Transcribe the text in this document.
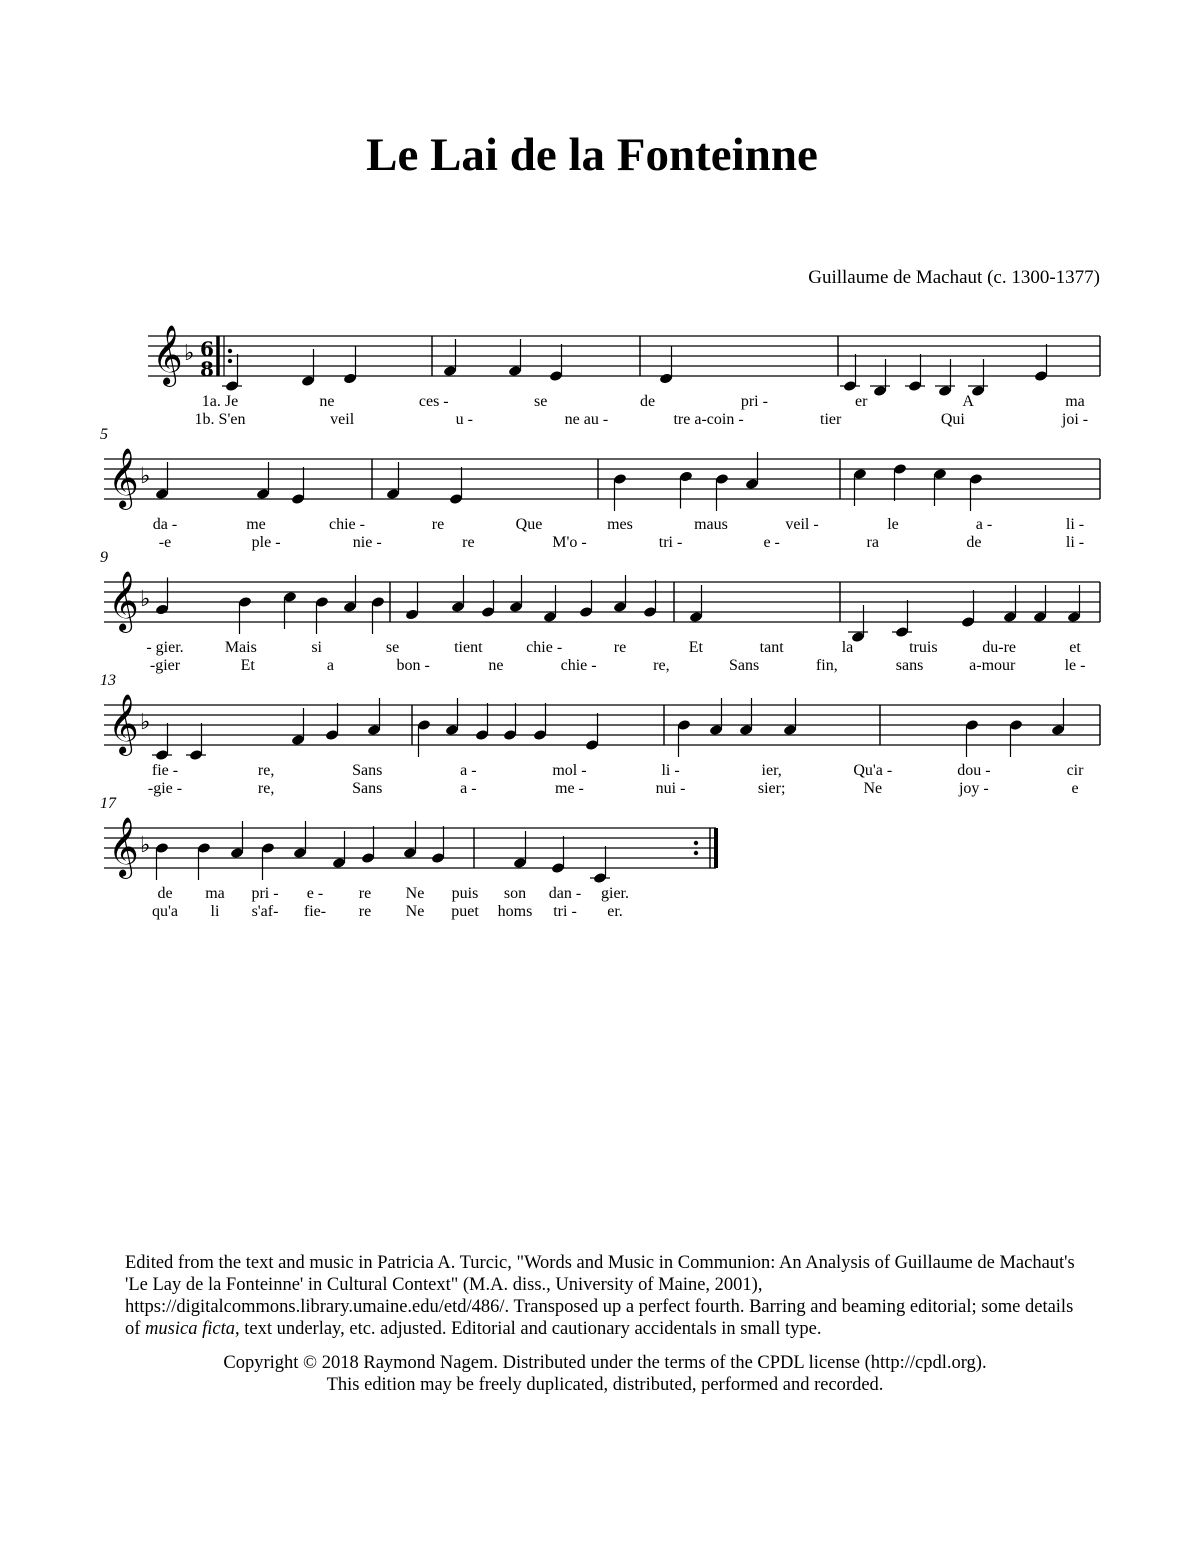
Le Lai de la Fonteinne
Guillaume de Machaut (c. 1300-1377)
𝄞 ♭ 6
8
𝄞 ♭
𝄞 ♭
𝄞 ♭
𝄞 ♭
1a. Je	ne	ces -	se	de	pri -	er	A	ma
1b. S'en	veil	u -	ne au -	tre a-coin -	tier	Qui	joi -
da -	me	chie -	re	Que	mes	maus	veil -	le	a -	li -
-e	ple -	nie -	re	M'o -	tri -	e -	ra	de	li -
- gier.	Mais	si	se	tient	chie -	re	Et	tant	la	truis	du-re	et
-gier	Et	a	bon -	ne	chie -	re,	Sans	fin,	sans	a-mour	le -
fie -	re,	Sans	a -	mol -	li -	ier,	Qu'a -	dou -	cir
-gie -	re,	Sans	a -	me -	nui -	sier;	Ne	joy -	e
de ma pri - e - re Ne puis son dan - gier.
qu'a li s'af- fie- re Ne puet homs tri - er.

Edited from the text and music in Patricia A. Turcic, "Words and Music in Communion: An Analysis of Guillaume de Machaut's 'Le Lay de la Fonteinne' in Cultural Context" (M.A. diss., University of Maine, 2001), https://digitalcommons.library.umaine.edu/etd/486/. Transposed up a perfect fourth. Barring and beaming editorial; some details of musica ficta, text underlay, etc. adjusted. Editorial and cautionary accidentals in small type.

Copyright © 2018 Raymond Nagem. Distributed under the terms of the CPDL license (http://cpdl.org).
This edition may be freely duplicated, distributed, performed and recorded.

5
9
13
17
